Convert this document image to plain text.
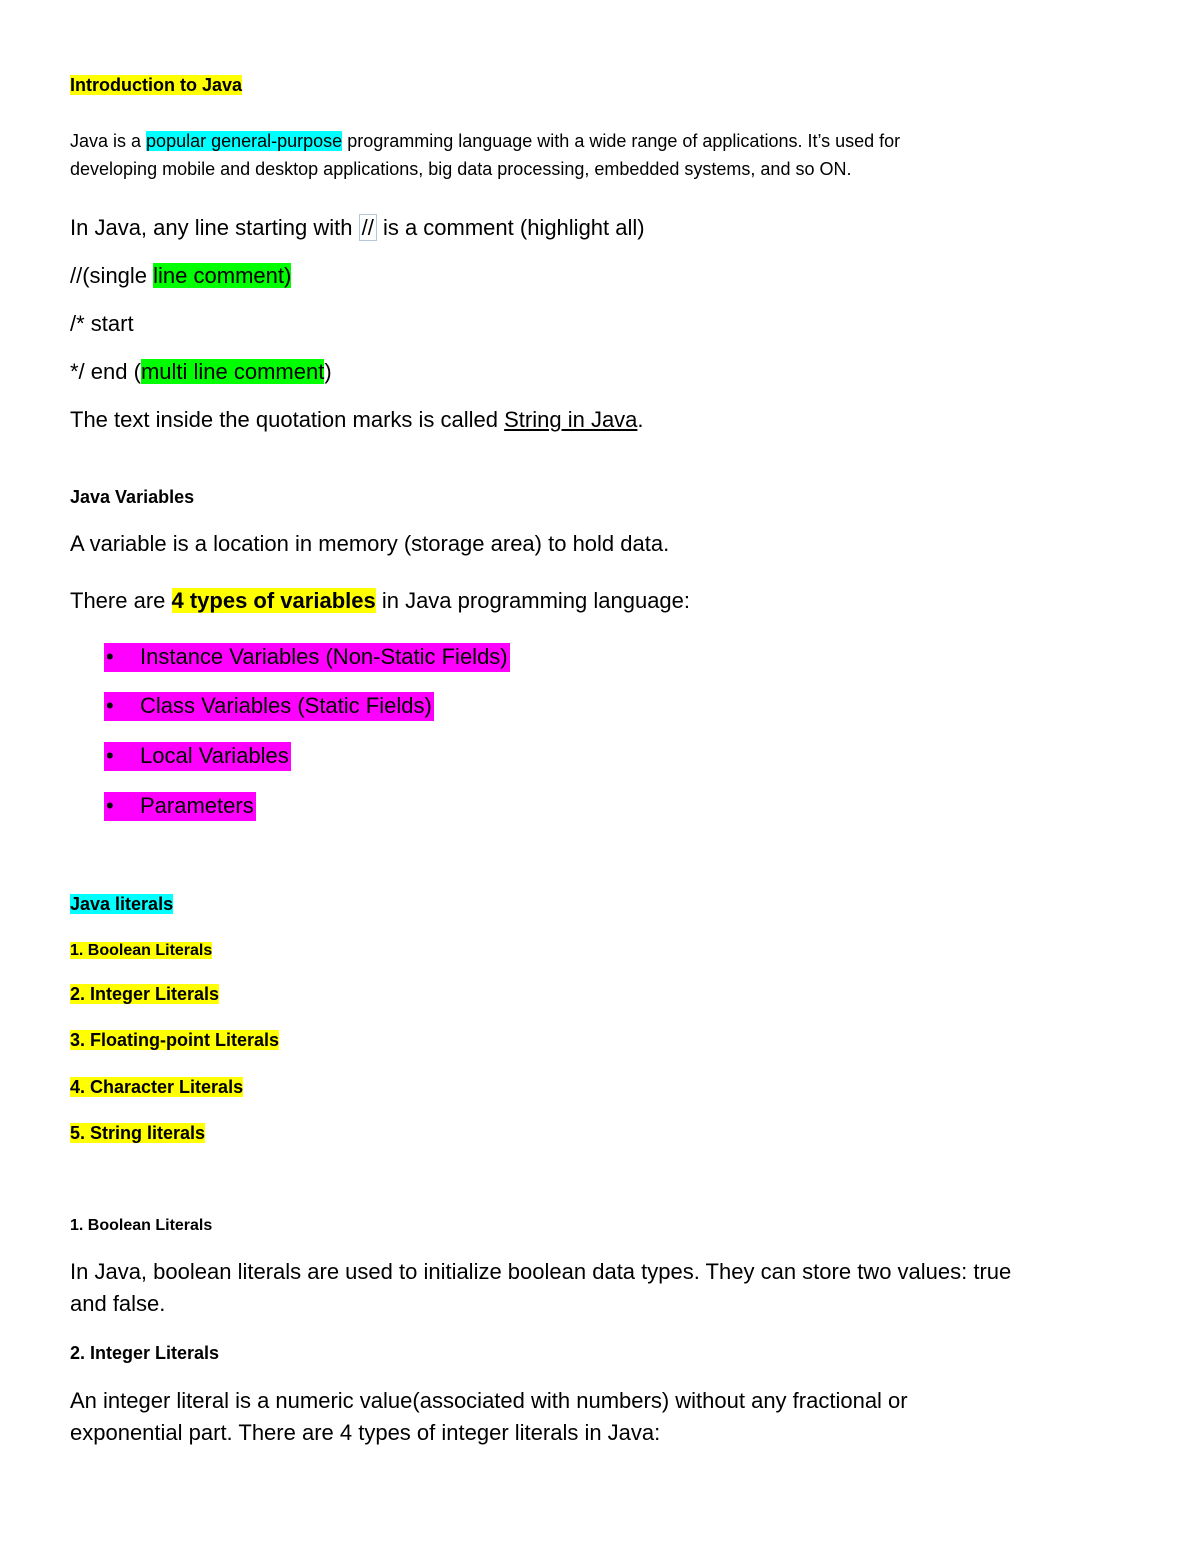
Introduction to Java
Java is a popular general-purpose programming language with a wide range of applications. It’s used for
developing mobile and desktop applications, big data processing, embedded systems, and so ON.
In Java, any line starting with // is a comment (highlight all)
//(single line comment)
/* start
*/ end (multi line comment)
The text inside the quotation marks is called String in Java.
Java Variables
A variable is a location in memory (storage area) to hold data.
There are 4 types of variables in Java programming language:
• Instance Variables (Non-Static Fields)
• Class Variables (Static Fields)
• Local Variables
• Parameters
Java literals
1. Boolean Literals
2. Integer Literals
3. Floating-point Literals
4. Character Literals
5. String literals
1. Boolean Literals
In Java, boolean literals are used to initialize boolean data types. They can store two values: true
and false.
2. Integer Literals
An integer literal is a numeric value(associated with numbers) without any fractional or
exponential part. There are 4 types of integer literals in Java:
